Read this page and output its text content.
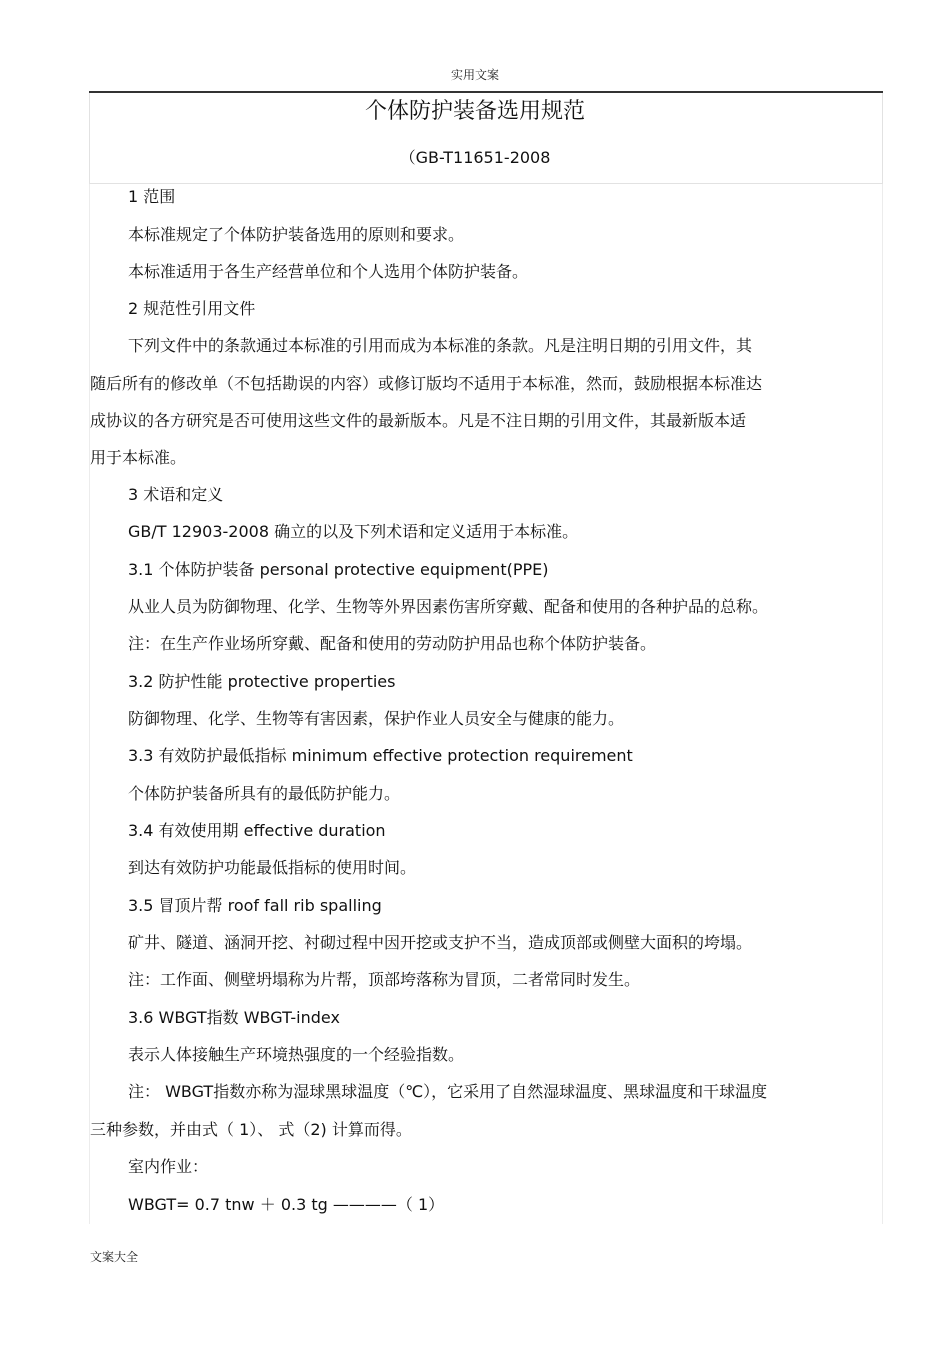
实用文案
个体防护装备选用规范
（GB-T11651-2008
1 范围
本标准规定了个体防护装备选用的原则和要求。
本标准适用于各生产经营单位和个人选用个体防护装备。
2 规范性引用文件
下列文件中的条款通过本标准的引用而成为本标准的条款。凡是注明日期的引用文件，其
随后所有的修改单（不包括勘误的内容）或修订版均不适用于本标准，然而，鼓励根据本标准达
成协议的各方研究是否可使用这些文件的最新版本。凡是不注日期的引用文件，其最新版本适
用于本标准。
3 术语和定义
GB/T 12903-2008 确立的以及下列术语和定义适用于本标准。
3.1 个体防护装备 personal protective equipment(PPE)
从业人员为防御物理、化学、生物等外界因素伤害所穿戴、配备和使用的各种护品的总称。
注：在生产作业场所穿戴、配备和使用的劳动防护用品也称个体防护装备。
3.2 防护性能 protective properties
防御物理、化学、生物等有害因素，保护作业人员安全与健康的能力。
3.3 有效防护最低指标 minimum effective protection requirement
个体防护装备所具有的最低防护能力。
3.4 有效使用期 effective duration
到达有效防护功能最低指标的使用时间。
3.5 冒顶片帮 roof fall rib spalling
矿井、隧道、涵洞开挖、衬砌过程中因开挖或支护不当，造成顶部或侧壁大面积的垮塌。
注：工作面、侧壁坍塌称为片帮，顶部垮落称为冒顶，二者常同时发生。
3.6 WBGT指数 WBGT-index
表示人体接触生产环境热强度的一个经验指数。
注： WBGT指数亦称为湿球黑球温度（℃），它采用了自然湿球温度、黑球温度和干球温度
三种参数，并由式（ 1）、 式（2) 计算而得。
室内作业：
WBGT= 0.7 tnw ＋ 0.3 tg ————（ 1）
文案大全
